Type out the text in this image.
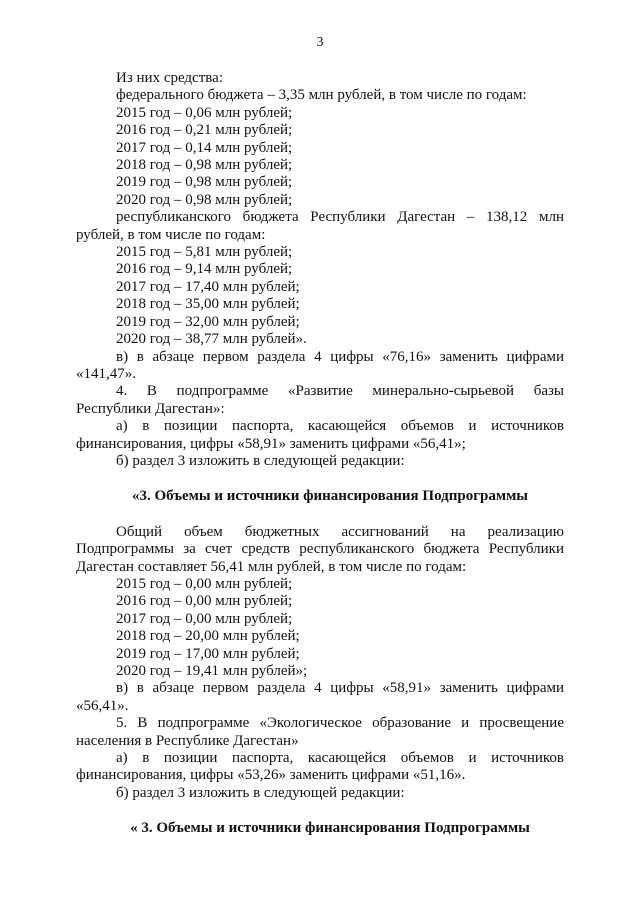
3
Из них средства:
федерального бюджета – 3,35 млн рублей, в том числе по годам:
2015 год – 0,06 млн рублей;
2016 год – 0,21 млн рублей;
2017 год – 0,14 млн рублей;
2018 год – 0,98 млн рублей;
2019 год – 0,98 млн рублей;
2020 год – 0,98 млн рублей;
республиканского бюджета Республики Дагестан – 138,12 млн
рублей, в том числе по годам:
2015 год – 5,81 млн рублей;
2016 год – 9,14 млн рублей;
2017 год – 17,40 млн рублей;
2018 год – 35,00 млн рублей;
2019 год – 32,00 млн рублей;
2020 год – 38,77 млн рублей».
в) в абзаце первом раздела 4 цифры «76,16» заменить цифрами
«141,47».
4. В подпрограмме «Развитие минерально-сырьевой базы
Республики Дагестан»:
а) в позиции паспорта, касающейся объемов и источников
финансирования, цифры «58,91» заменить цифрами «56,41»;
б) раздел 3 изложить в следующей редакции:
«3. Объемы и источники финансирования Подпрограммы
Общий объем бюджетных ассигнований на реализацию
Подпрограммы за счет средств республиканского бюджета Республики
Дагестан составляет 56,41 млн рублей, в том числе по годам:
2015 год – 0,00 млн рублей;
2016 год – 0,00 млн рублей;
2017 год – 0,00 млн рублей;
2018 год – 20,00 млн рублей;
2019 год – 17,00 млн рублей;
2020 год – 19,41 млн рублей»;
в) в абзаце первом раздела 4 цифры «58,91» заменить цифрами
«56,41».
5. В подпрограмме «Экологическое образование и просвещение
населения в Республике Дагестан»
а) в позиции паспорта, касающейся объемов и источников
финансирования, цифры «53,26» заменить цифрами «51,16».
б) раздел 3 изложить в следующей редакции:
« 3. Объемы и источники финансирования Подпрограммы
